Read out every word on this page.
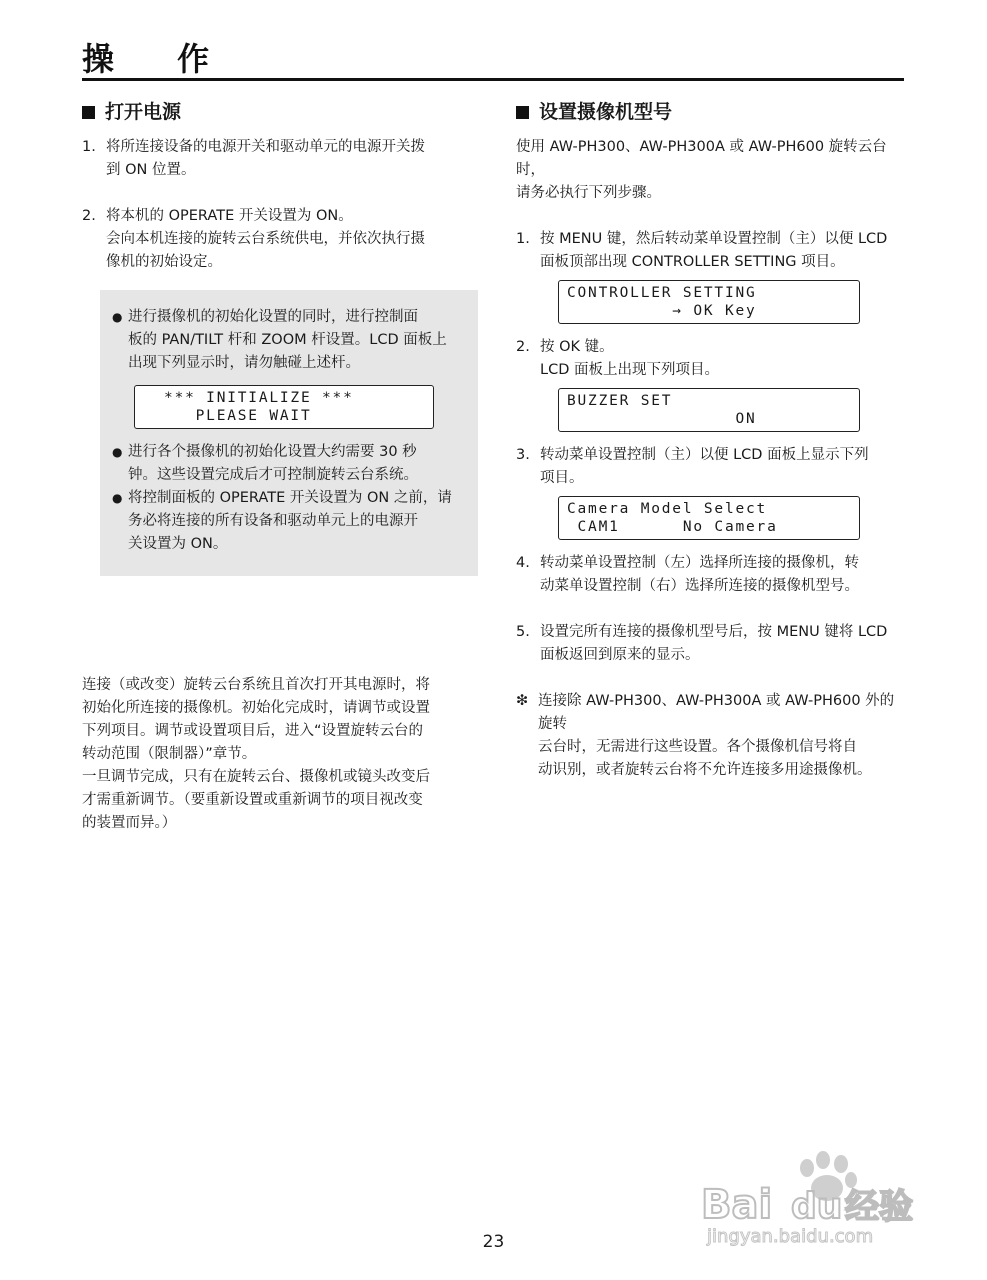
操 作
打开电源
1. 将所连接设备的电源开关和驱动单元的电源开关拨

到 ON 位置。

2. 将本机的 OPERATE 开关设置为 ON。

会向本机连接的旋转云台系统供电，并依次执行摄

像机的初始设定。

● 进行摄像机的初始化设置的同时，进行控制面

板的 PAN/TILT 杆和 ZOOM 杆设置。LCD 面板上

出现下列显示时，请勿触碰上述杆。

*** INITIALIZE ***
PLEASE WAIT
● 进行各个摄像机的初始化设置大约需要 30 秒

钟。这些设置完成后才可控制旋转云台系统。

● 将控制面板的 OPERATE 开关设置为 ON 之前，请

务必将连接的所有设备和驱动单元上的电源开

关设置为 ON。

连接（或改变）旋转云台系统且首次打开其电源时，将

初始化所连接的摄像机。初始化完成时，请调节或设置

下列项目。调节或设置项目后，进入“设置旋转云台的

转动范围（限制器）”章节。

一旦调节完成，只有在旋转云台、摄像机或镜头改变后

才需重新调节。（要重新设置或重新调节的项目视改变

的装置而异。）

设置摄像机型号

使用 AW-PH300、AW-PH300A 或 AW-PH600 旋转云台时，

请务必执行下列步骤。

1. 按 MENU 键，然后转动菜单设置控制（主）以便 LCD

面板顶部出现 CONTROLLER SETTING 项目。

CONTROLLER SETTING
→ OK Key
2. 按 OK 键。

LCD 面板上出现下列项目。

BUZZER SET
ON
3. 转动菜单设置控制（主）以便 LCD 面板上显示下列

项目。

Camera Model Select
CAM1      No Camera
4. 转动菜单设置控制（左）选择所连接的摄像机，转

动菜单设置控制（右）选择所连接的摄像机型号。

5. 设置完所有连接的摄像机型号后，按 MENU 键将 LCD

面板返回到原来的显示。

❇ 连接除 AW-PH300、AW-PH300A 或 AW-PH600 外的旋转

云台时，无需进行这些设置。各个摄像机信号将自

动识别，或者旋转云台将不允许连接多用途摄像机。

Bai du 经验
jingyan.baidu.com
23
